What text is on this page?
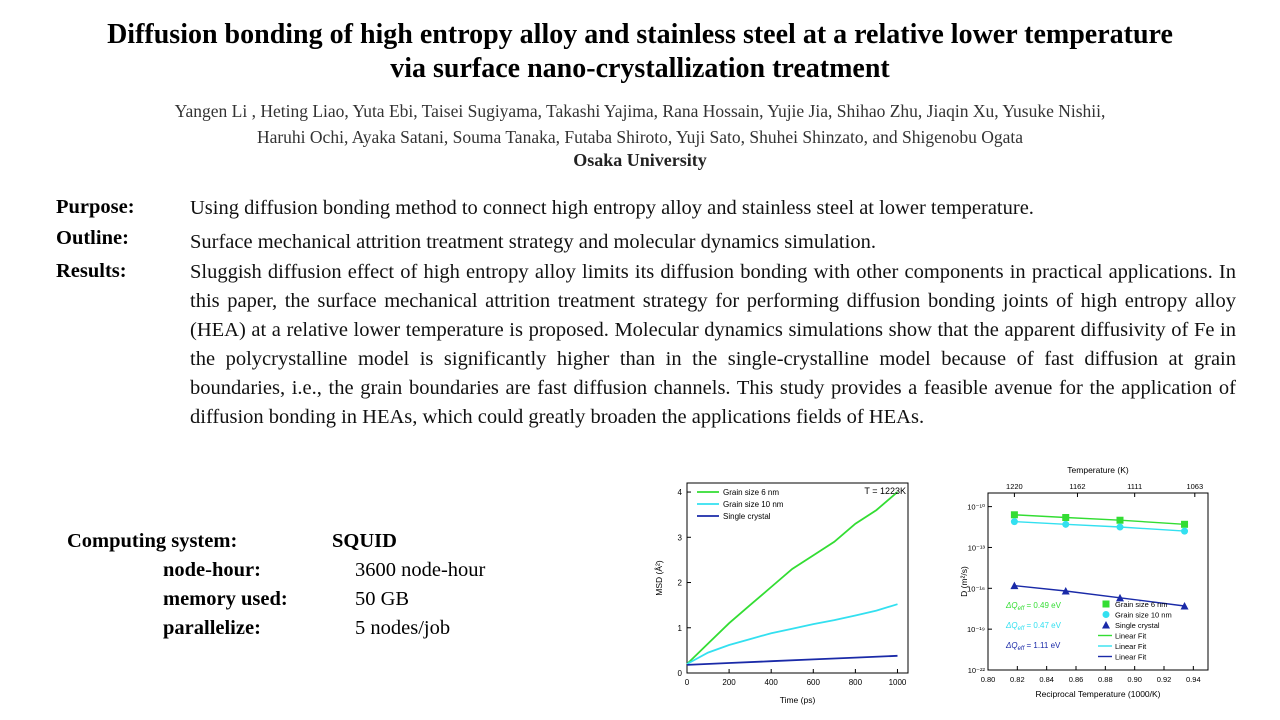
Diffusion bonding of high entropy alloy and stainless steel at a relative lower temperature
via surface nano-crystallization treatment
Yangen Li , Heting Liao, Yuta Ebi, Taisei Sugiyama, Takashi Yajima, Rana Hossain, Yujie Jia, Shihao Zhu, Jiaqin Xu, Yusuke Nishii,
Haruhi Ochi, Ayaka Satani, Souma Tanaka, Futaba Shiroto, Yuji Sato, Shuhei Shinzato, and Shigenobu Ogata
Osaka University
Purpose:	Using diffusion bonding method to connect high entropy alloy and stainless steel at lower temperature.
Outline:	Surface mechanical attrition treatment strategy and molecular dynamics simulation.
Results:	Sluggish diffusion effect of high entropy alloy limits its diffusion bonding with other components in practical applications. In this paper, the surface mechanical attrition treatment strategy for performing diffusion bonding joints of high entropy alloy (HEA) at a relative lower temperature is proposed. Molecular dynamics simulations show that the apparent diffusivity of Fe in the polycrystalline model is significantly higher than in the single-crystalline model because of fast diffusion at grain boundaries, i.e., the grain boundaries are fast diffusion channels. This study provides a feasible avenue for the application of diffusion bonding in HEAs, which could greatly broaden the applications fields of HEAs.
Computing system:	SQUID
node-hour:	3600 node-hour
memory used:	50 GB
parallelize:	5 nodes/job
0	200	400	600	800	1000
0
1
2
3
4
Time (ps)
MSD (Å²)
T = 1223K
Grain size 6 nm
Grain size 10 nm
Single crystal
0.80 0.82 0.84 0.86 0.88 0.90 0.92 0.94
10⁻¹⁰
10⁻¹³
10⁻¹⁶
10⁻¹⁹
10⁻²²
1220	1162	1111	1063
Temperature (K)
Reciprocal Temperature (1000/K)
D (m²/s)
Grain size 6 nm
Grain size 10 nm
Single crystal
Linear Fit
Linear Fit
Linear Fit
$\Delta Q_{eff} = 0.49$ eV
$\Delta Q_{eff} = 0.47$ eV
$\Delta Q_{eff} = 1.11$ eV
